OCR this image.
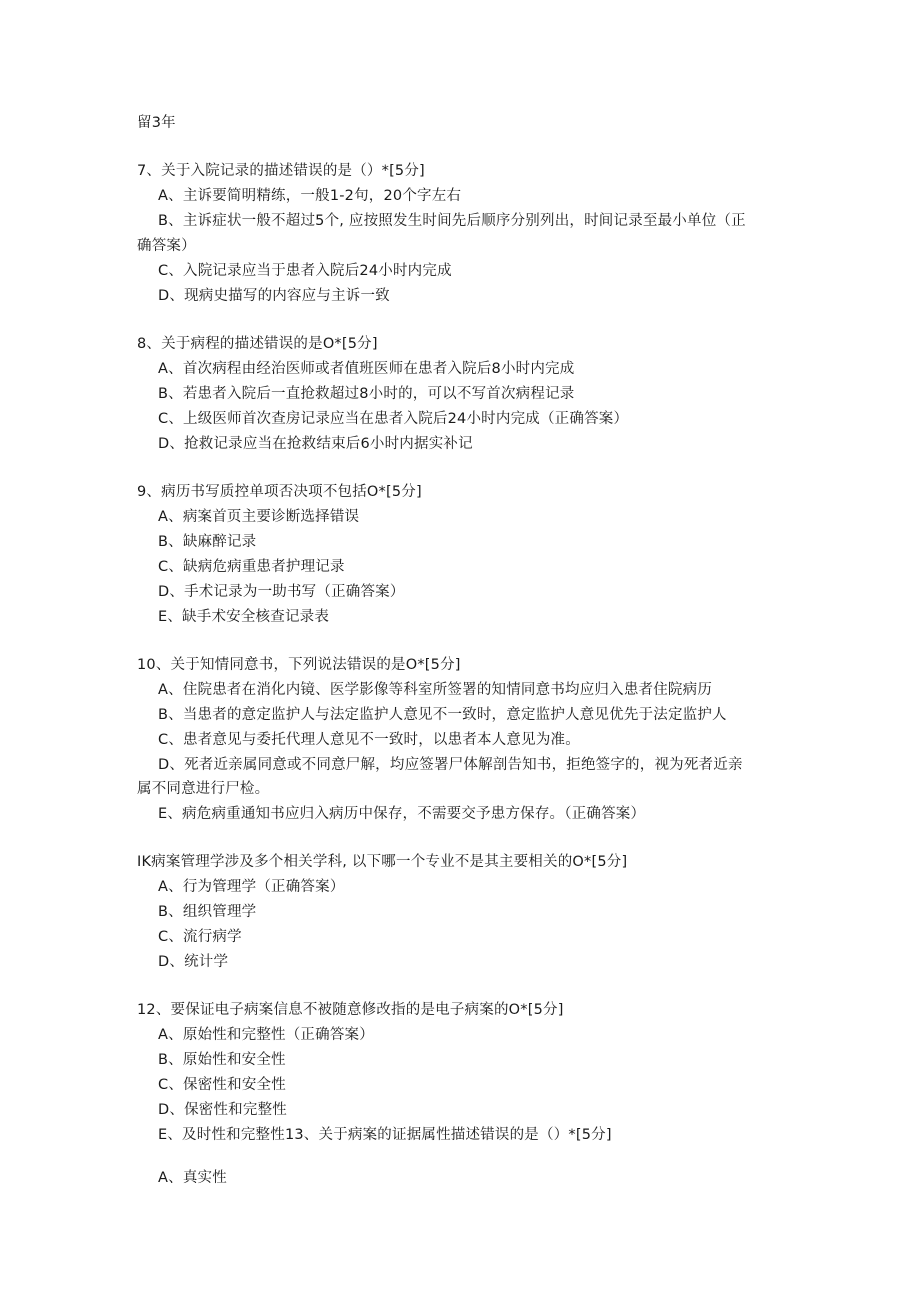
留3年
7、关于入院记录的描述错误的是（）*[5分]
A、主诉要简明精练，一般1-2句，20个字左右
B、主诉症状一般不超过5个, 应按照发生时间先后顺序分别列出，时间记录至最小单位（正
确答案）
C、入院记录应当于患者入院后24小时内完成
D、现病史描写的内容应与主诉一致
8、关于病程的描述错误的是O*[5分]
A、首次病程由经治医师或者值班医师在患者入院后8小时内完成
B、若患者入院后一直抢救超过8小时的，可以不写首次病程记录
C、上级医师首次查房记录应当在患者入院后24小时内完成（正确答案）
D、抢救记录应当在抢救结束后6小时内据实补记
9、病历书写质控单项否决项不包括O*[5分]
A、病案首页主要诊断选择错误
B、缺麻醉记录
C、缺病危病重患者护理记录
D、手术记录为一助书写（正确答案）
E、缺手术安全核查记录表
10、关于知情同意书，下列说法错误的是O*[5分]
A、住院患者在消化内镜、医学影像等科室所签署的知情同意书均应归入患者住院病历
B、当患者的意定监护人与法定监护人意见不一致时，意定监护人意见优先于法定监护人
C、患者意见与委托代理人意见不一致时，以患者本人意见为准。
D、死者近亲属同意或不同意尸解，均应签署尸体解剖告知书，拒绝签字的，视为死者近亲
属不同意进行尸检。
E、病危病重通知书应归入病历中保存，不需要交予患方保存。（正确答案）
IK病案管理学涉及多个相关学科, 以下哪一个专业不是其主要相关的O*[5分]
A、行为管理学（正确答案）
B、组织管理学
C、流行病学
D、统计学
12、要保证电子病案信息不被随意修改指的是电子病案的O*[5分]
A、原始性和完整性（正确答案）
B、原始性和安全性
C、保密性和安全性
D、保密性和完整性
E、及时性和完整性13、关于病案的证据属性描述错误的是（）*[5分]
A、真实性
